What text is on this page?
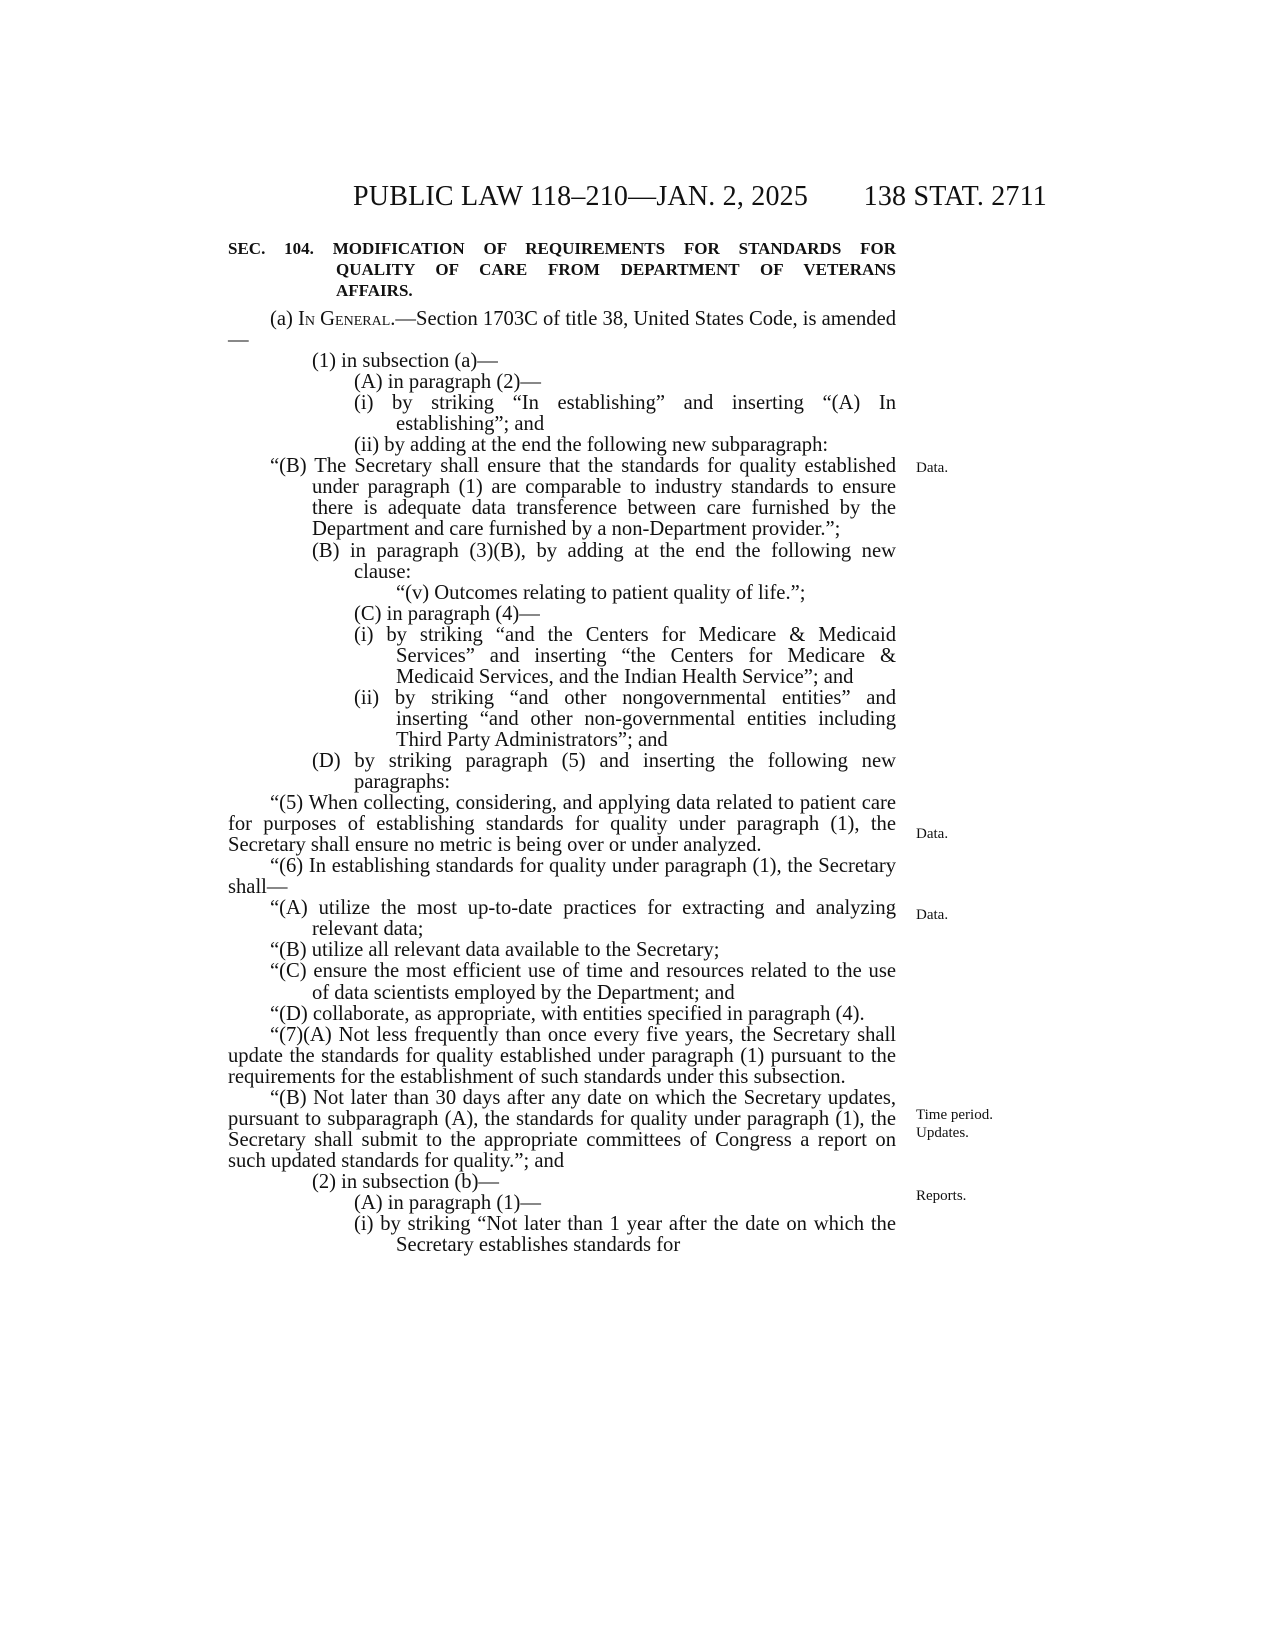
PUBLIC LAW 118–210—JAN. 2, 2025 138 STAT. 2711
SEC. 104. MODIFICATION OF REQUIREMENTS FOR STANDARDS FOR
QUALITY OF CARE FROM DEPARTMENT OF VETERANS
AFFAIRS.

(a) In General.—Section 1703C of title 38, United States Code, is amended—

(1) in subsection (a)—

(A) in paragraph (2)—

(i) by striking “In establishing” and inserting “(A) In establishing”; and

(ii) by adding at the end the following new subparagraph:

“(B) The Secretary shall ensure that the standards for quality established under paragraph (1) are comparable to industry standards to ensure there is adequate data transference between care furnished by the Department and care furnished by a non-Department provider.”;

(B) in paragraph (3)(B), by adding at the end the following new clause:

“(v) Outcomes relating to patient quality of life.”;

(C) in paragraph (4)—

(i) by striking “and the Centers for Medicare & Medicaid Services” and inserting “the Centers for Medicare & Medicaid Services, and the Indian Health Service”; and

(ii) by striking “and other nongovernmental entities” and inserting “and other non-governmental entities including Third Party Administrators”; and

(D) by striking paragraph (5) and inserting the following new paragraphs:

“(5) When collecting, considering, and applying data related to patient care for purposes of establishing standards for quality under paragraph (1), the Secretary shall ensure no metric is being over or under analyzed.

“(6) In establishing standards for quality under paragraph (1), the Secretary shall—

“(A) utilize the most up-to-date practices for extracting and analyzing relevant data;

“(B) utilize all relevant data available to the Secretary;

“(C) ensure the most efficient use of time and resources related to the use of data scientists employed by the Department; and

“(D) collaborate, as appropriate, with entities specified in paragraph (4).

“(7)(A) Not less frequently than once every five years, the Secretary shall update the standards for quality established under paragraph (1) pursuant to the requirements for the establishment of such standards under this subsection.

“(B) Not later than 30 days after any date on which the Secretary updates, pursuant to subparagraph (A), the standards for quality under paragraph (1), the Secretary shall submit to the appropriate committees of Congress a report on such updated standards for quality.”; and

(2) in subsection (b)—

(A) in paragraph (1)—

(i) by striking “Not later than 1 year after the date on which the Secretary establishes standards for

Data.
Data.
Data.
Time period.
Updates.
Reports.
